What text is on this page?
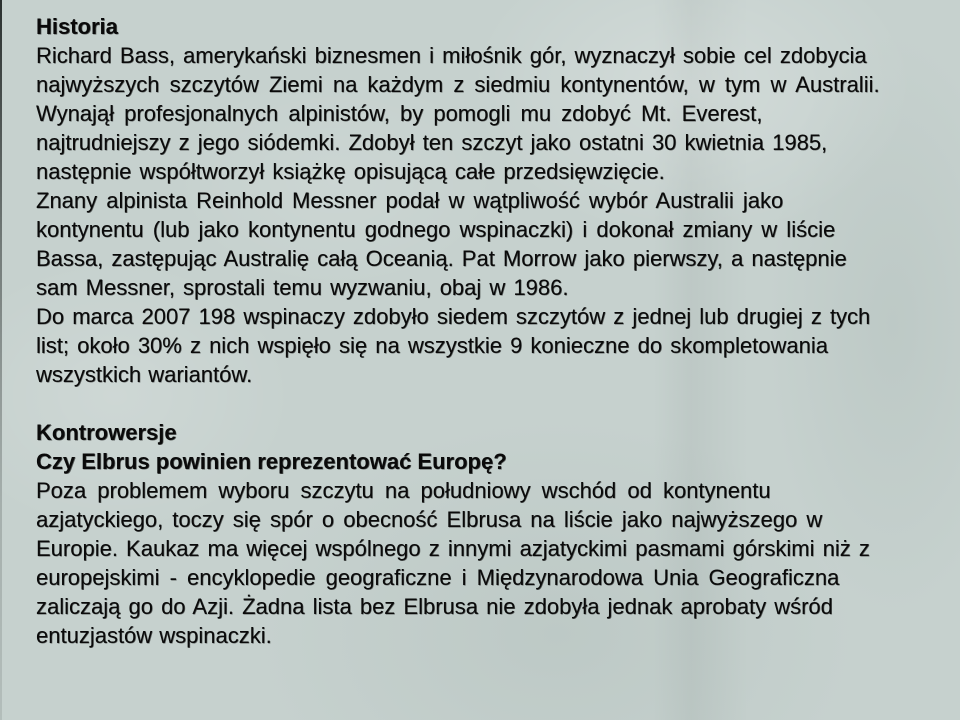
Historia
Richard Bass, amerykański biznesmen i miłośnik gór, wyznaczył sobie cel zdobycia
najwyższych szczytów Ziemi na każdym z siedmiu kontynentów, w tym w Australii.
Wynajął profesjonalnych alpinistów, by pomogli mu zdobyć Mt. Everest,
najtrudniejszy z jego siódemki. Zdobył ten szczyt jako ostatni 30 kwietnia 1985,
następnie współtworzył książkę opisującą całe przedsięwzięcie.
Znany alpinista Reinhold Messner podał w wątpliwość wybór Australii jako
kontynentu (lub jako kontynentu godnego wspinaczki) i dokonał zmiany w liście
Bassa, zastępując Australię całą Oceanią. Pat Morrow jako pierwszy, a następnie
sam Messner, sprostali temu wyzwaniu, obaj w 1986.
Do marca 2007 198 wspinaczy zdobyło siedem szczytów z jednej lub drugiej z tych
list; około 30% z nich wspięło się na wszystkie 9 konieczne do skompletowania
wszystkich wariantów.
Kontrowersje
Czy Elbrus powinien reprezentować Europę?
Poza problemem wyboru szczytu na południowy wschód od kontynentu
azjatyckiego, toczy się spór o obecność Elbrusa na liście jako najwyższego w
Europie. Kaukaz ma więcej wspólnego z innymi azjatyckimi pasmami górskimi niż z
europejskimi - encyklopedie geograficzne i Międzynarodowa Unia Geograficzna
zaliczają go do Azji. Żadna lista bez Elbrusa nie zdobyła jednak aprobaty wśród
entuzjastów wspinaczki.
